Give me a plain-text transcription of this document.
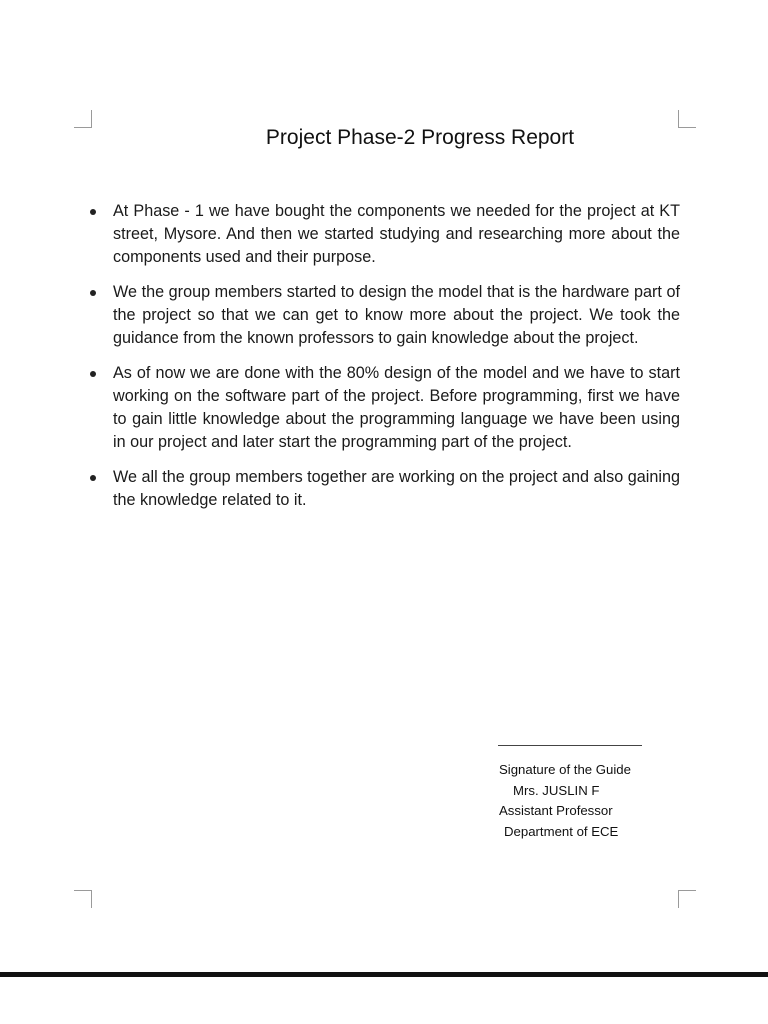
Project Phase-2 Progress Report
At Phase - 1 we have bought the components we needed for the project at KT street, Mysore. And then we started studying and researching more about the components used and their purpose.
We the group members started to design the model that is the hardware part of the project so that we can get to know more about the project. We took the guidance from the known professors to gain knowledge about the project.
As of now we are done with the 80% design of the model and we have to start working on the software part of the project. Before programming, first we have to gain little knowledge about the programming language we have been using in our project and later start the programming part of the project.
We all the group members together are working on the project and also gaining the knowledge related to it.
Signature of the Guide
Mrs. JUSLIN F
Assistant Professor
Department of ECE
